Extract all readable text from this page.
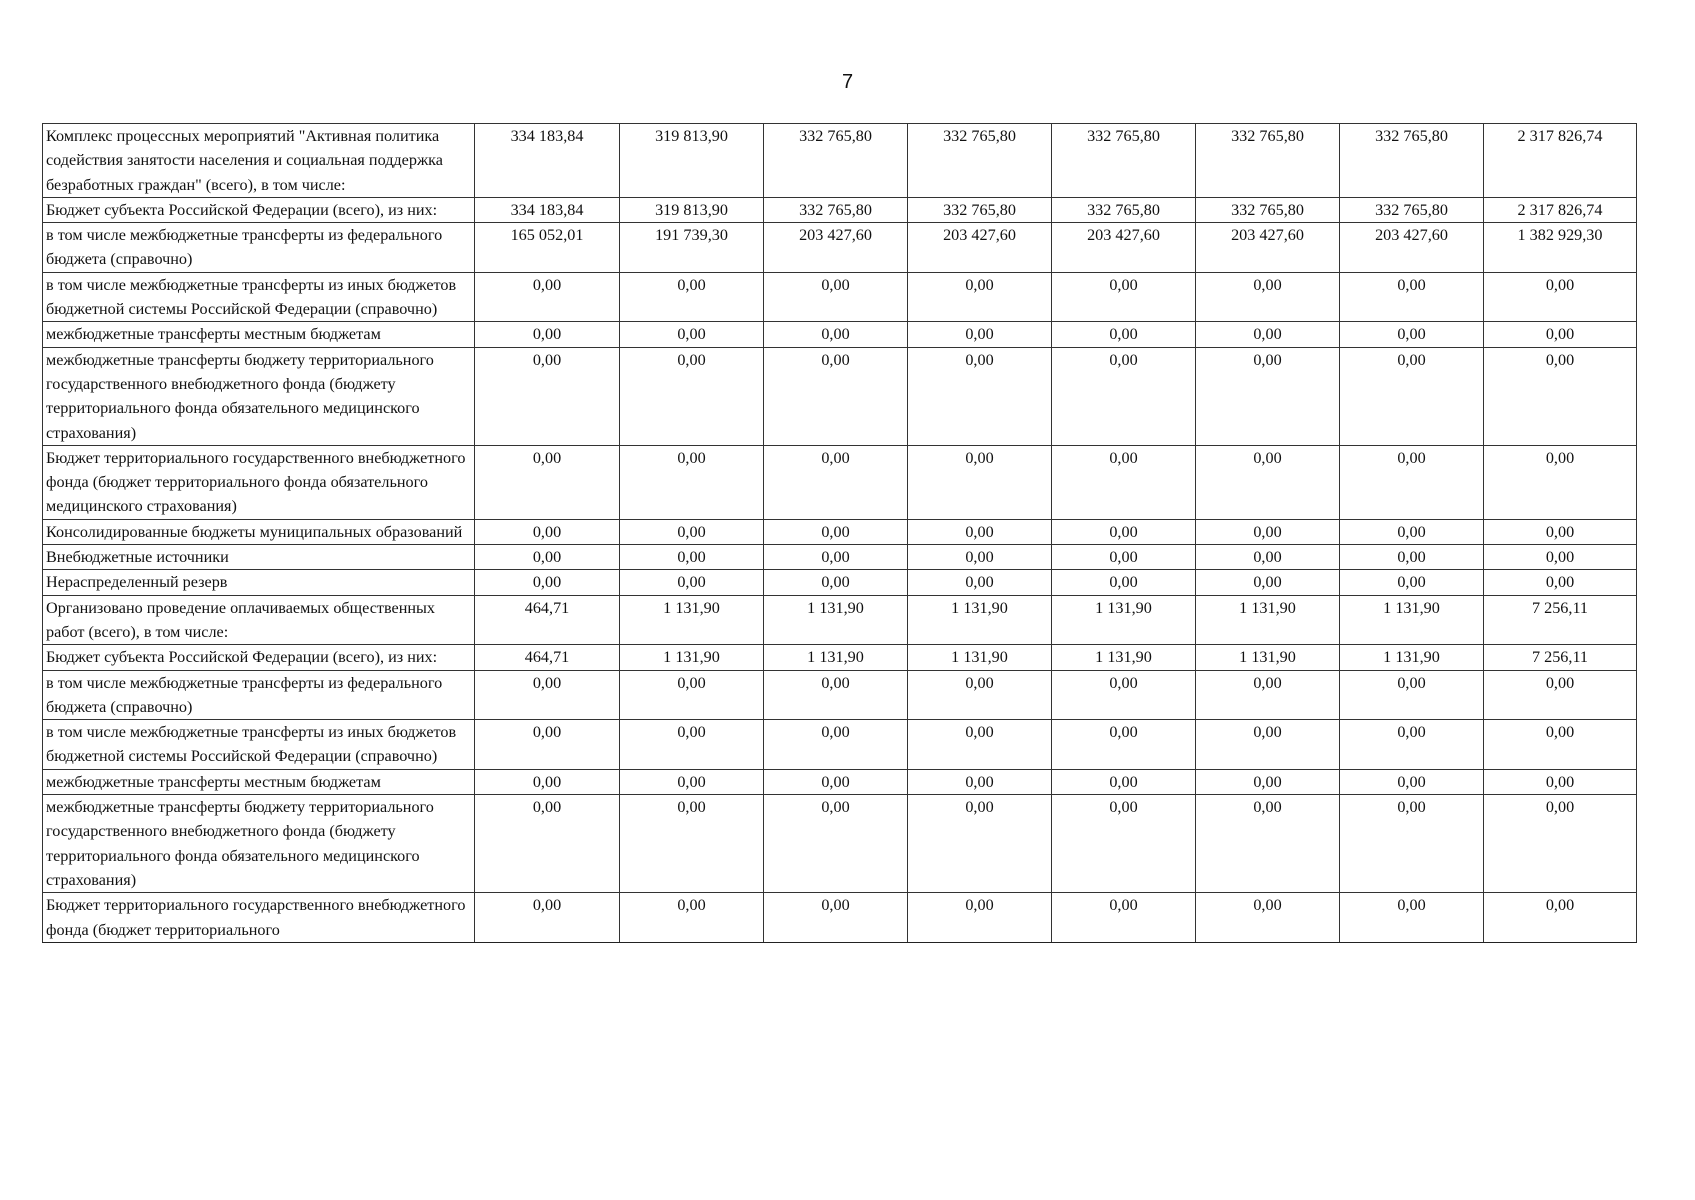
7
Комплекс процессных мероприятий "Активная политика содействия занятости населения и социальная поддержка безработных граждан" (всего), в том числе:	334 183,84	319 813,90	332 765,80	332 765,80	332 765,80	332 765,80	332 765,80	2 317 826,74
Бюджет субъекта Российской Федерации (всего), из них:	334 183,84	319 813,90	332 765,80	332 765,80	332 765,80	332 765,80	332 765,80	2 317 826,74
в том числе межбюджетные трансферты из федерального бюджета (справочно)	165 052,01	191 739,30	203 427,60	203 427,60	203 427,60	203 427,60	203 427,60	1 382 929,30
в том числе межбюджетные трансферты из иных бюджетов бюджетной системы Российской Федерации (справочно)	0,00	0,00	0,00	0,00	0,00	0,00	0,00	0,00
межбюджетные трансферты местным бюджетам	0,00	0,00	0,00	0,00	0,00	0,00	0,00	0,00
межбюджетные трансферты бюджету территориального государственного внебюджетного фонда (бюджету территориального фонда обязательного медицинского страхования)	0,00	0,00	0,00	0,00	0,00	0,00	0,00	0,00
Бюджет территориального государственного внебюджетного фонда (бюджет территориального фонда обязательного медицинского страхования)	0,00	0,00	0,00	0,00	0,00	0,00	0,00	0,00
Консолидированные бюджеты муниципальных образований	0,00	0,00	0,00	0,00	0,00	0,00	0,00	0,00
Внебюджетные источники	0,00	0,00	0,00	0,00	0,00	0,00	0,00	0,00
Нераспределенный резерв	0,00	0,00	0,00	0,00	0,00	0,00	0,00	0,00
Организовано проведение оплачиваемых общественных работ (всего), в том числе:	464,71	1 131,90	1 131,90	1 131,90	1 131,90	1 131,90	1 131,90	7 256,11
Бюджет субъекта Российской Федерации (всего), из них:	464,71	1 131,90	1 131,90	1 131,90	1 131,90	1 131,90	1 131,90	7 256,11
в том числе межбюджетные трансферты из федерального бюджета (справочно)	0,00	0,00	0,00	0,00	0,00	0,00	0,00	0,00
в том числе межбюджетные трансферты из иных бюджетов бюджетной системы Российской Федерации (справочно)	0,00	0,00	0,00	0,00	0,00	0,00	0,00	0,00
межбюджетные трансферты местным бюджетам	0,00	0,00	0,00	0,00	0,00	0,00	0,00	0,00
межбюджетные трансферты бюджету территориального государственного внебюджетного фонда (бюджету территориального фонда обязательного медицинского страхования)	0,00	0,00	0,00	0,00	0,00	0,00	0,00	0,00
Бюджет территориального государственного внебюджетного фонда (бюджет территориального	0,00	0,00	0,00	0,00	0,00	0,00	0,00	0,00
